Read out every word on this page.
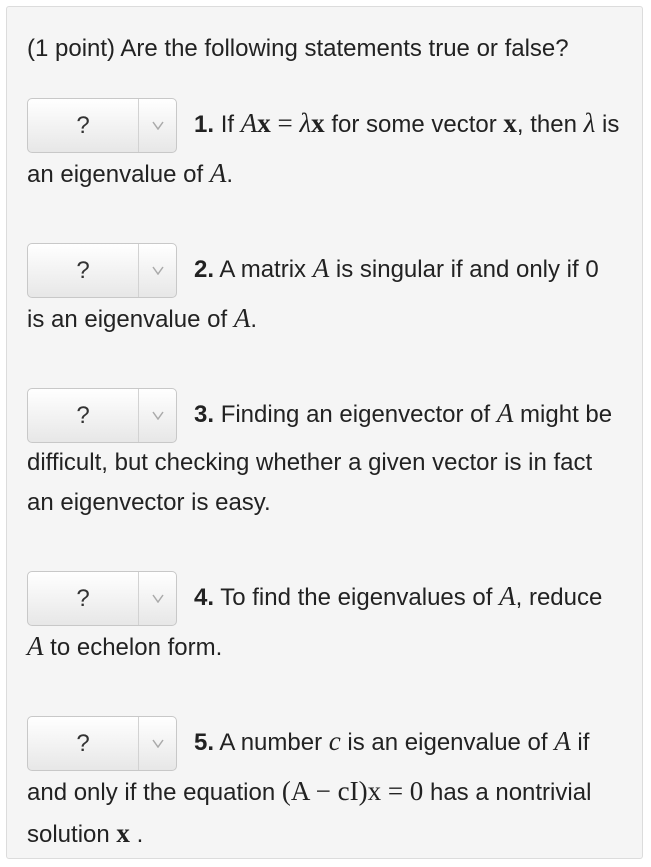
(1 point) Are the following statements true or false?
?	1. If Ax = λx for some vector x, then λ is an eigenvalue of A.
?	2. A matrix A is singular if and only if 0 is an eigenvalue of A.
?	3. Finding an eigenvector of A might be difficult, but checking whether a given vector is in fact an eigenvector is easy.
?	4. To find the eigenvalues of A, reduce A to echelon form.
?	5. A number c is an eigenvalue of A if and only if the equation (A − cI)x = 0 has a nontrivial solution x .
